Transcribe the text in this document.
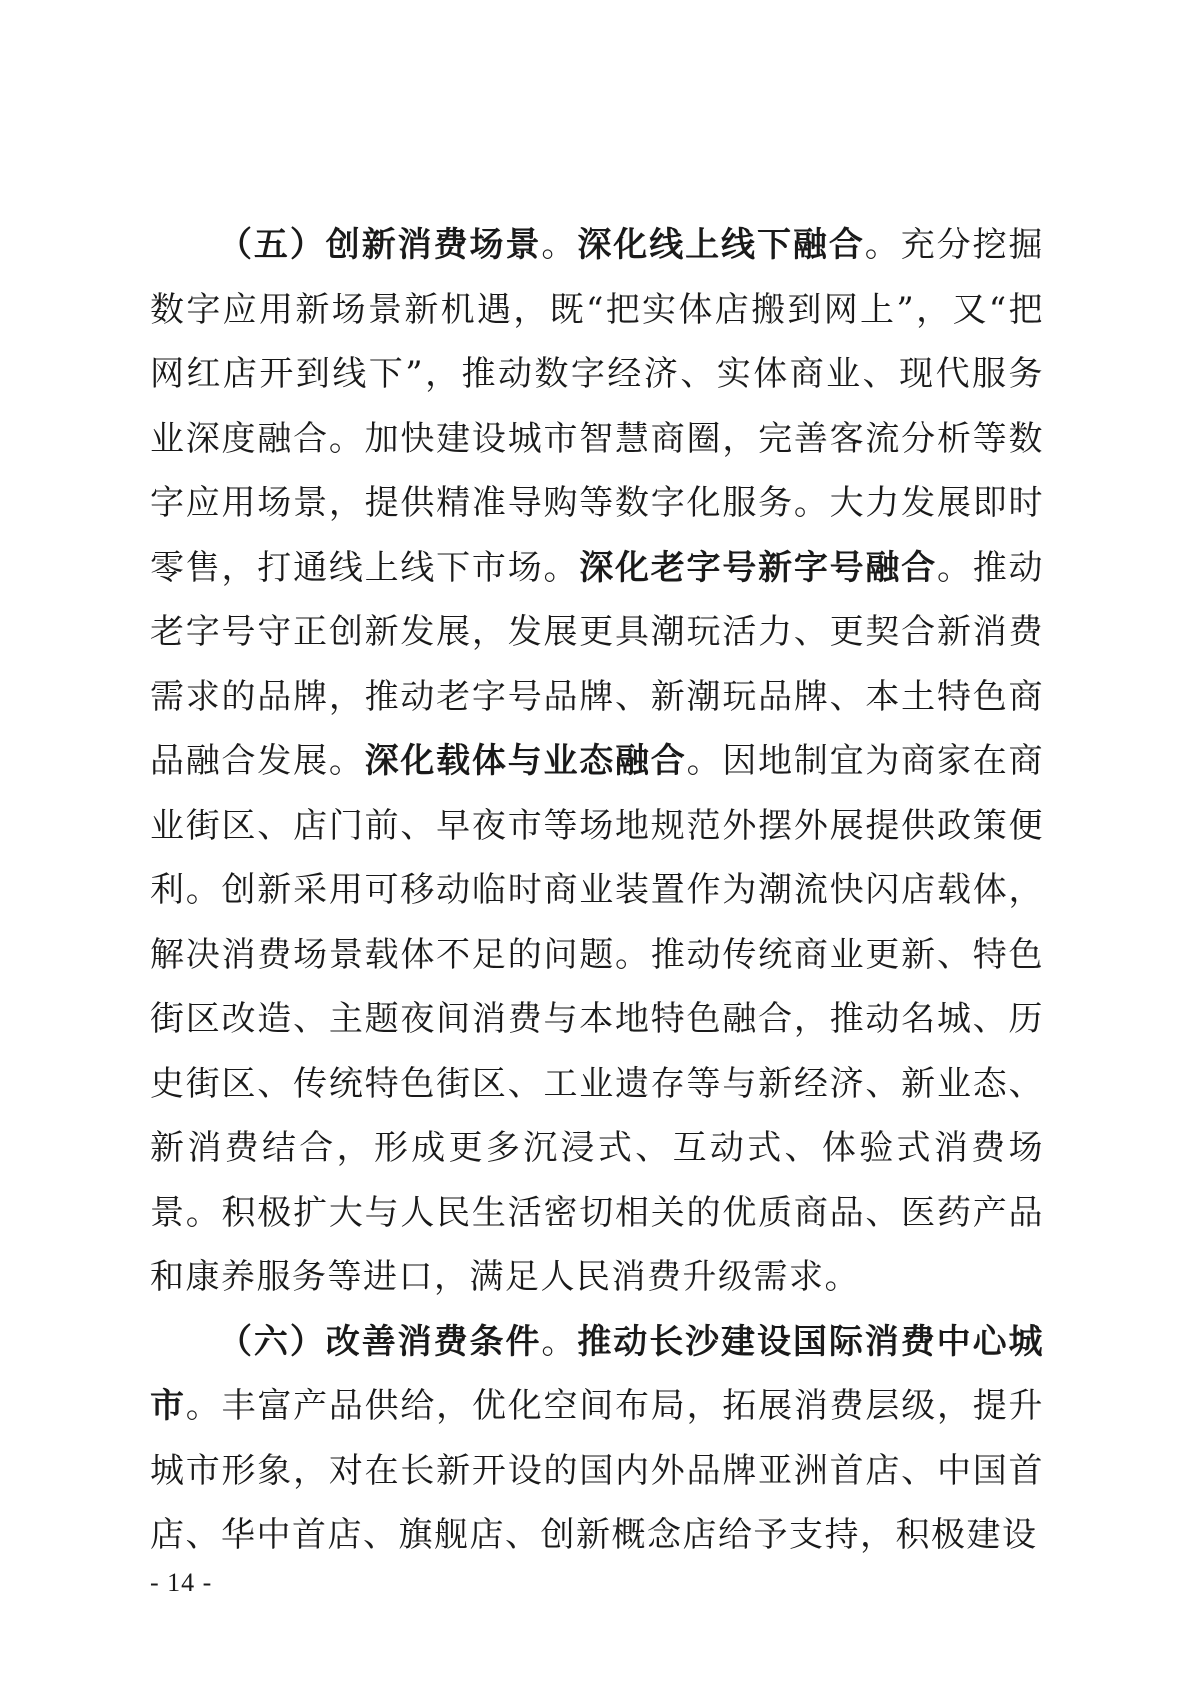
（五）创新消费场景。深化线上线下融合。充分挖掘数字应用新场景新机遇，既“把实体店搬到网上”，又“把网红店开到线下”，推动数字经济、实体商业、现代服务业深度融合。加快建设城市智慧商圈，完善客流分析等数字应用场景，提供精准导购等数字化服务。大力发展即时零售，打通线上线下市场。深化老字号新字号融合。推动老字号守正创新发展，发展更具潮玩活力、更契合新消费需求的品牌，推动老字号品牌、新潮玩品牌、本土特色商品融合发展。深化载体与业态融合。因地制宜为商家在商业街区、店门前、早夜市等场地规范外摆外展提供政策便利。创新采用可移动临时商业装置作为潮流快闪店载体，解决消费场景载体不足的问题。推动传统商业更新、特色街区改造、主题夜间消费与本地特色融合，推动名城、历史街区、传统特色街区、工业遗存等与新经济、新业态、新消费结合，形成更多沉浸式、互动式、体验式消费场景。积极扩大与人民生活密切相关的优质商品、医药产品和康养服务等进口，满足人民消费升级需求。

（六）改善消费条件。推动长沙建设国际消费中心城市。丰富产品供给，优化空间布局，拓展消费层级，提升城市形象，对在长新开设的国内外品牌亚洲首店、中国首店、华中首店、旗舰店、创新概念店给予支持，积极建设

- 14 -
